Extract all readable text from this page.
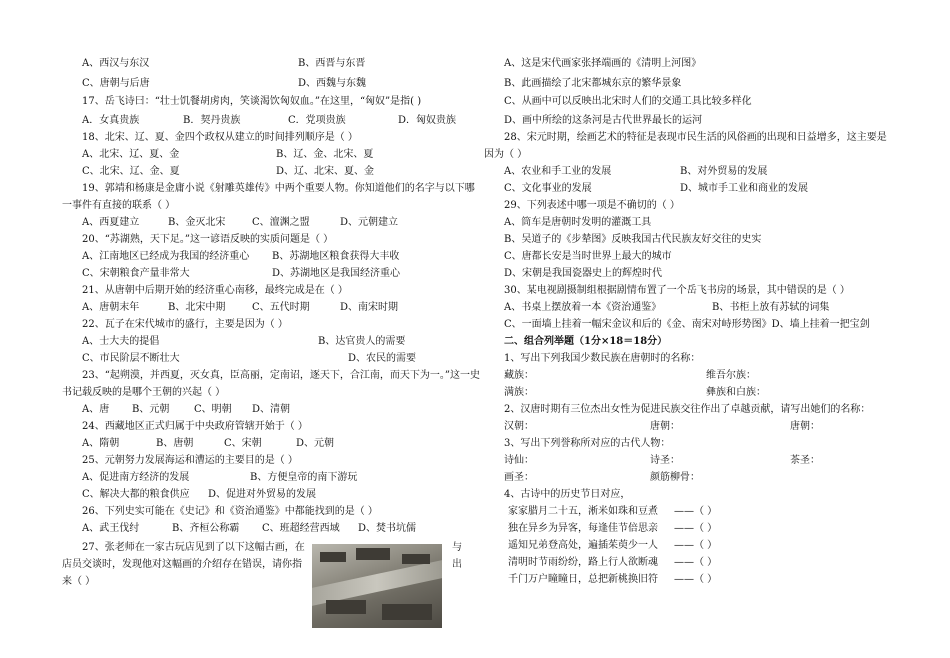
A、西汉与东汉	B、西晋与东晋
C、唐朝与后唐	D、西魏与东魏
17、岳飞诗曰：“壮士饥餐胡虏肉，笑谈渴饮匈奴血。”在这里，“匈奴”是指( )
A．女真贵族	B．契丹贵族	C．党项贵族	D．匈奴贵族
18、北宋、辽、夏、金四个政权从建立的时间排列顺序是（ ）
A、北宋、辽、夏、金	B、辽、金、北宋、夏
C、北宋、辽、金、夏	D、辽、北宋、夏、金
19、郭靖和杨康是金庸小说《射雕英雄传》中两个重要人物。你知道他们的名字与以下哪
一事件有直接的联系（ ）
A、西夏建立	B、金灭北宋	C、澶渊之盟	D、元朝建立
20、“苏湖熟，天下足。”这一谚语反映的实质问题是（ ）
A、江南地区已经成为我国的经济重心 B、苏湖地区粮食获得大丰收
C、宋朝粮食产量非常大	D、苏湖地区是我国经济重心
21、从唐朝中后期开始的经济重心南移，最终完成是在（ ）
A、唐朝末年	B、北宋中期	C、五代时期	D、南宋时期
22、瓦子在宋代城市的盛行，主要是因为（ ）
A、士大夫的提倡	B、达官贵人的需要
C、市民阶层不断壮大	D、农民的需要
23、“起朔漠，并西夏，灭女真，臣高丽，定南诏，逐天下，合江南，而天下为一。”这一史
书记载反映的是哪个王朝的兴起（ ）
A、唐 B、元朝 C、明朝 D、清朝
24、西藏地区正式归属于中央政府管辖开始于（ ）
A、隋朝	B、唐朝	C、宋朝	D、元朝
25、元朝努力发展海运和漕运的主要目的是（ ）
A、促进南方经济的发展	B、方便皇帝的南下游玩
C、解决大都的粮食供应 D、促进对外贸易的发展
26、下列史实可能在《史记》和《资治通鉴》中都能找到的是（ ）
A、武王伐纣	B、齐桓公称霸 C、班超经营西域 D、焚书坑儒
27、张老师在一家古玩店见到了以下这幅古画，在	与
店员交谈时，发现他对这幅画的介绍存在错误，请你指	出
来（ ）
A、这是宋代画家张择端画的《清明上河图》
B、此画描绘了北宋都城东京的繁华景象
C、从画中可以反映出北宋时人们的交通工具比较多样化
D、画中所绘的这条河是古代世界最长的运河
28、宋元时期，绘画艺术的特征是表现市民生活的风俗画的出现和日益增多，这主要是
因为（ ）
A、农业和手工业的发展	B、对外贸易的发展
C、文化事业的发展	D、城市手工业和商业的发展
29、下列表述中哪一项是不确切的（ ）
A、筒车是唐朝时发明的灌溉工具
B、吴道子的《步辇图》反映我国古代民族友好交往的史实
C、唐都长安是当时世界上最大的城市
D、宋朝是我国瓷器史上的辉煌时代
30、某电视剧摄制组根据剧情布置了一个岳飞书房的场景，其中错误的是（ ）
A、书桌上摆放着一本《资治通鉴》	B、书柜上放有苏轼的词集
C、一面墙上挂着一幅宋金议和后的《金、南宋对峙形势图》D、墙上挂着一把宝剑
二、组合列举题（1分×18＝18分）
1、写出下列我国少数民族在唐朝时的名称：
藏族：	维吾尔族：
满族：	彝族和白族：
2、汉唐时期有三位杰出女性为促进民族交往作出了卓越贡献，请写出她们的名称：
汉朝：	唐朝：	唐朝：
3、写出下列誉称所对应的古代人物：
诗仙：	诗圣：	茶圣：
画圣：	颜筋柳骨：
4、古诗中的历史节日对应，
家家腊月二十五，淅米如珠和豆煮 ——（ ）
独在异乡为异客，每逢佳节倍思亲 ——（ ）
遥知兄弟登高处，遍插茱萸少一人 ——（ ）
清明时节雨纷纷，路上行人欲断魂 ——（ ）
千门万户瞳瞳日，总把新桃换旧符 ——（ ）
